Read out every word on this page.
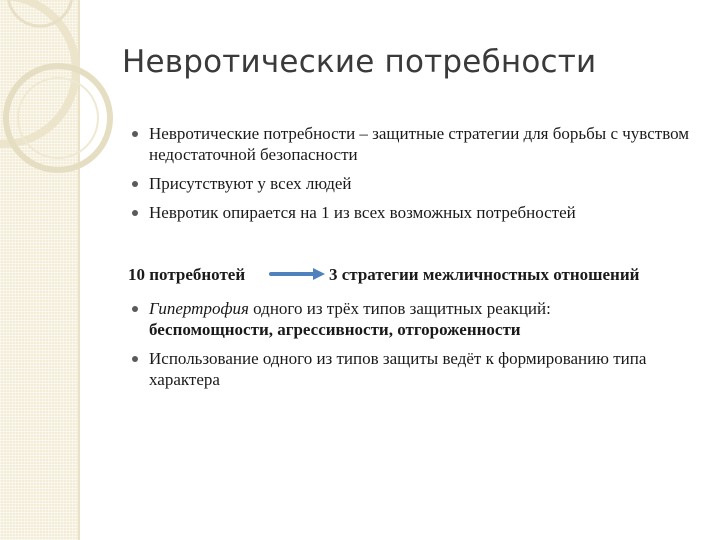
Невротические потребности
Невротические потребности – защитные стратегии для борьбы с чувством недостаточной безопасности
Присутствуют у всех людей
Невротик опирается на 1 из всех возможных потребностей
10 потребнотей	3 стратегии межличностных отношений
Гипертрофия одного из трёх типов защитных реакций:
беспомощности, агрессивности, отгороженности
Использование одного из типов защиты ведёт к формированию типа характера
